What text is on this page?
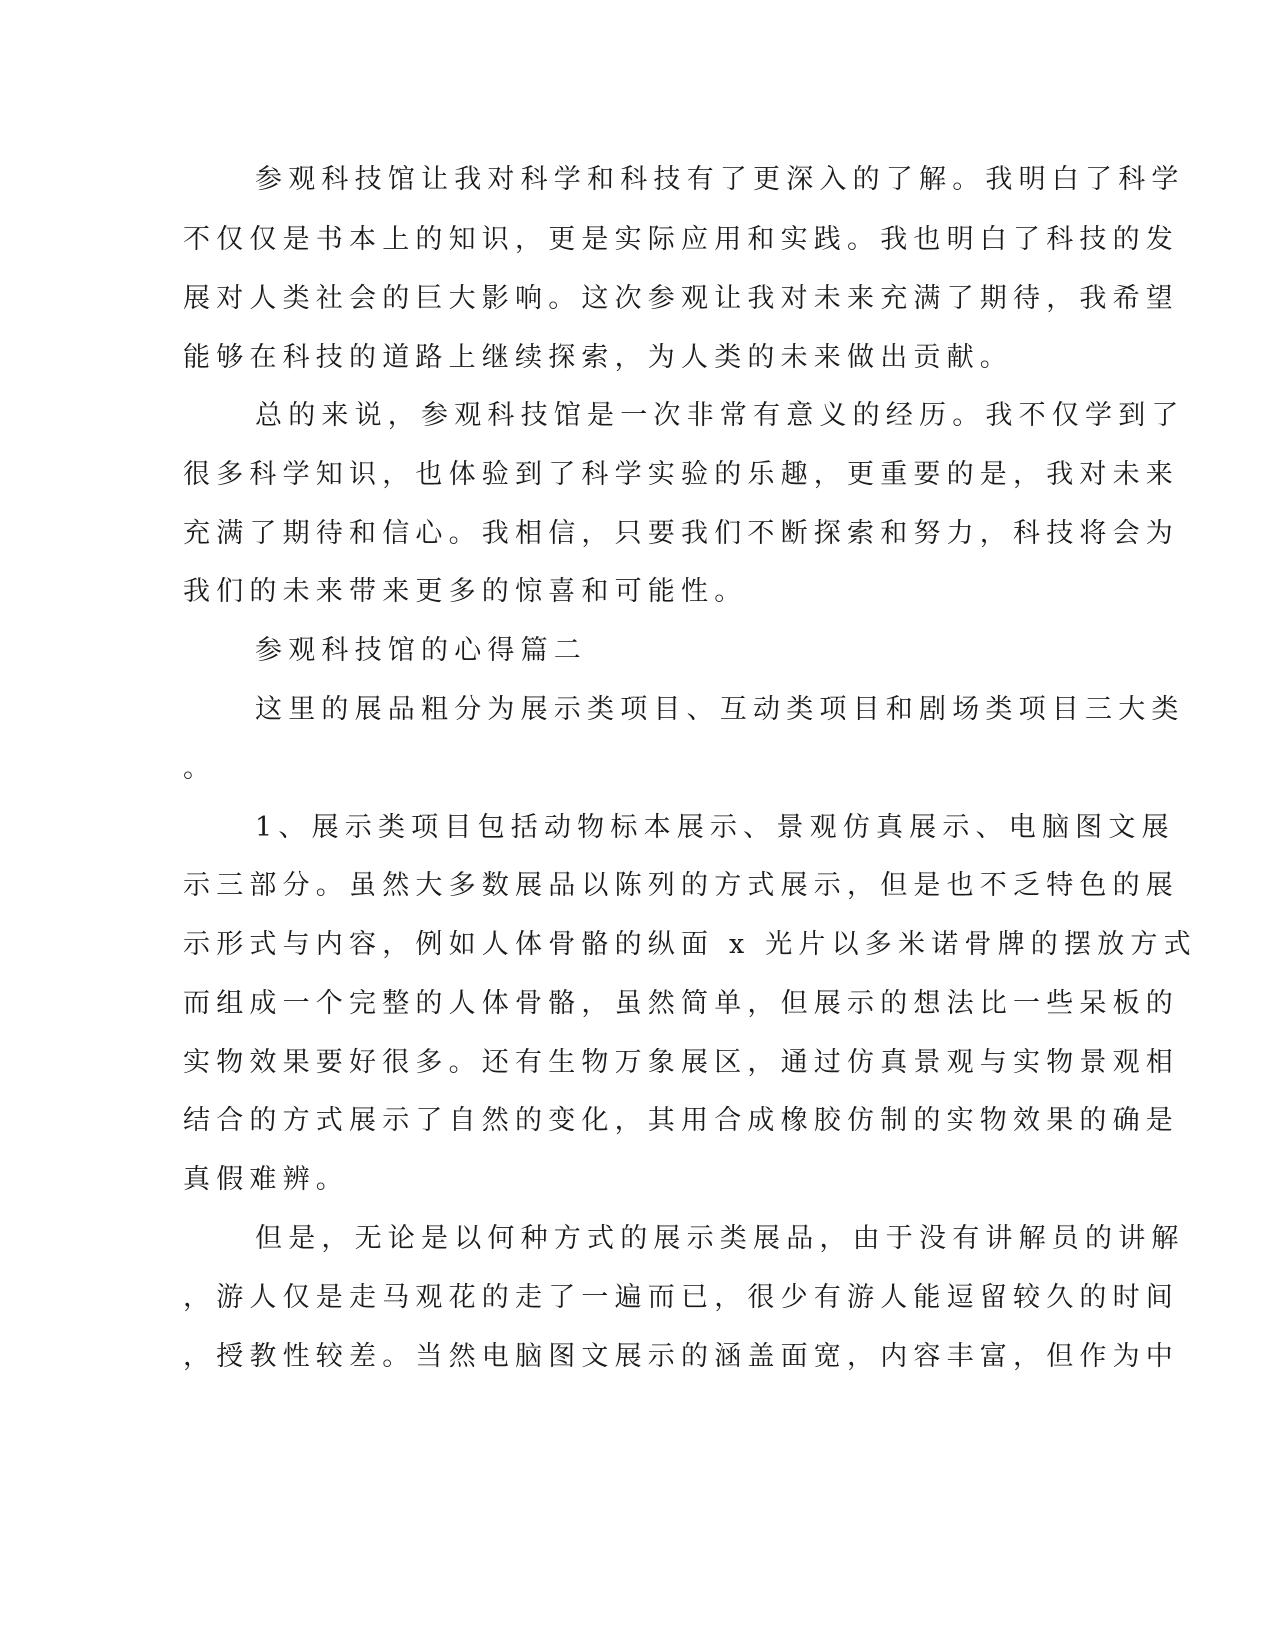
参观科技馆让我对科学和科技有了更深入的了解。我明白了科学
不仅仅是书本上的知识，更是实际应用和实践。我也明白了科技的发
展对人类社会的巨大影响。这次参观让我对未来充满了期待，我希望
能够在科技的道路上继续探索，为人类的未来做出贡献。
总的来说，参观科技馆是一次非常有意义的经历。我不仅学到了
很多科学知识，也体验到了科学实验的乐趣，更重要的是，我对未来
充满了期待和信心。我相信，只要我们不断探索和努力，科技将会为
我们的未来带来更多的惊喜和可能性。
参观科技馆的心得篇二
这里的展品粗分为展示类项目、互动类项目和剧场类项目三大类
。
1、展示类项目包括动物标本展示、景观仿真展示、电脑图文展
示三部分。虽然大多数展品以陈列的方式展示，但是也不乏特色的展
示形式与内容，例如人体骨骼的纵面 x 光片以多米诺骨牌的摆放方式
而组成一个完整的人体骨骼，虽然简单，但展示的想法比一些呆板的
实物效果要好很多。还有生物万象展区，通过仿真景观与实物景观相
结合的方式展示了自然的变化，其用合成橡胶仿制的实物效果的确是
真假难辨。
但是，无论是以何种方式的展示类展品，由于没有讲解员的讲解
，游人仅是走马观花的走了一遍而已，很少有游人能逗留较久的时间
，授教性较差。当然电脑图文展示的涵盖面宽，内容丰富，但作为中
